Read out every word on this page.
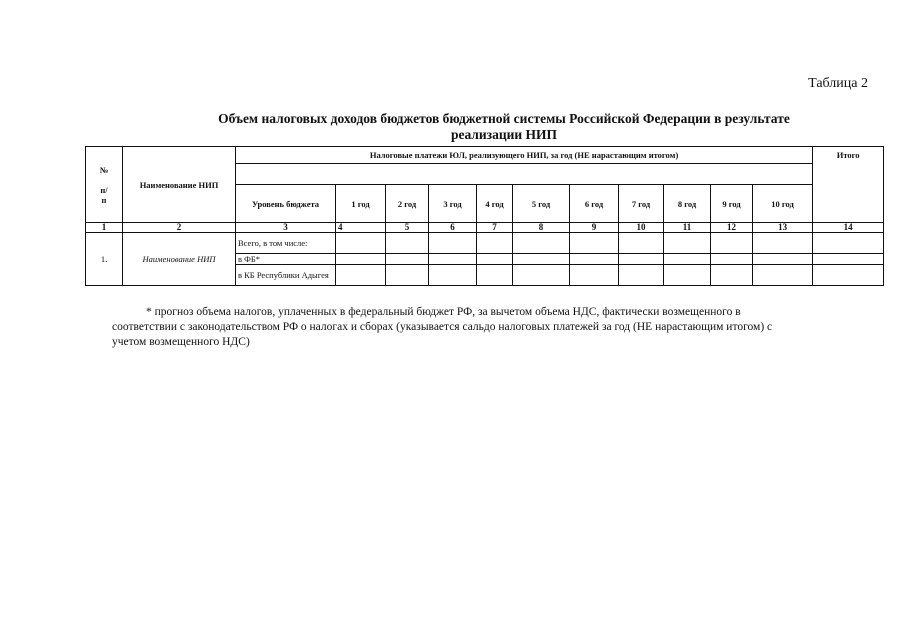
Таблица 2
Объем налоговых доходов бюджетов бюджетной системы Российской Федерации в результате
реализации НИП
№

п/
п	Наименование НИП	Налоговые платежи ЮЛ, реализующего НИП, за год (НЕ нарастающим итогом)											Итого

		Уровень бюджета	1 год	2 год	3 год	4 год	5 год	6 год	7 год	8 год	9 год	10 год	
1	2	3	4	5	6	7	8	9	10	11	12	13	14
1.	Наименование НИП	Всего, в том числе:											
		в ФБ*											
		в КБ Республики Адыгея											
* прогноз объема налогов, уплаченных в федеральный бюджет РФ, за вычетом объема НДС, фактически возмещенного в
соответствии с законодательством РФ о налогах и сборах (указывается сальдо налоговых платежей за год (НЕ нарастающим итогом) с
учетом возмещенного НДС)
